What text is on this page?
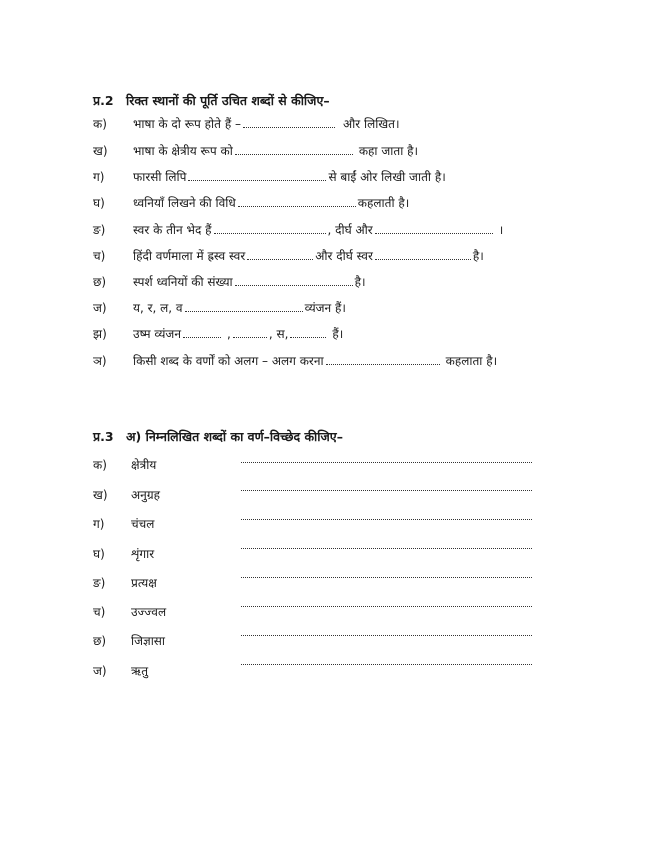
प्र.2 रिक्त स्थानों की पूर्ति उचित शब्दों से कीजिए–
क) भाषा के दो रूप होते हैं –	और लिखित।
ख) भाषा के क्षेत्रीय रूप को	कहा जाता है।
ग) फारसी लिपि	से बाईं ओर लिखी जाती है।
घ) ध्वनियाँ लिखने की विधि	कहलाती है।
ङ) स्वर के तीन भेद हैं	, दीर्घ और	।
च) हिंदी वर्णमाला में ह्रस्व स्वर	और दीर्घ स्वर	है।
छ) स्पर्श ध्वनियों की संख्या	है।
ज) य, र, ल, व	व्यंजन हैं।
झ) उष्म व्यंजन	,	, स,	हैं।
ञ) किसी शब्द के वर्णों को अलग – अलग करना	कहलाता है।
प्र.3 अ) निम्नलिखित शब्दों का वर्ण–विच्छेद कीजिए–
क) क्षेत्रीय
ख) अनुग्रह
ग) चंचल
घ) शृंगार
ङ) प्रत्यक्ष
च) उज्ज्वल
छ) जिज्ञासा
ज) ऋतु
